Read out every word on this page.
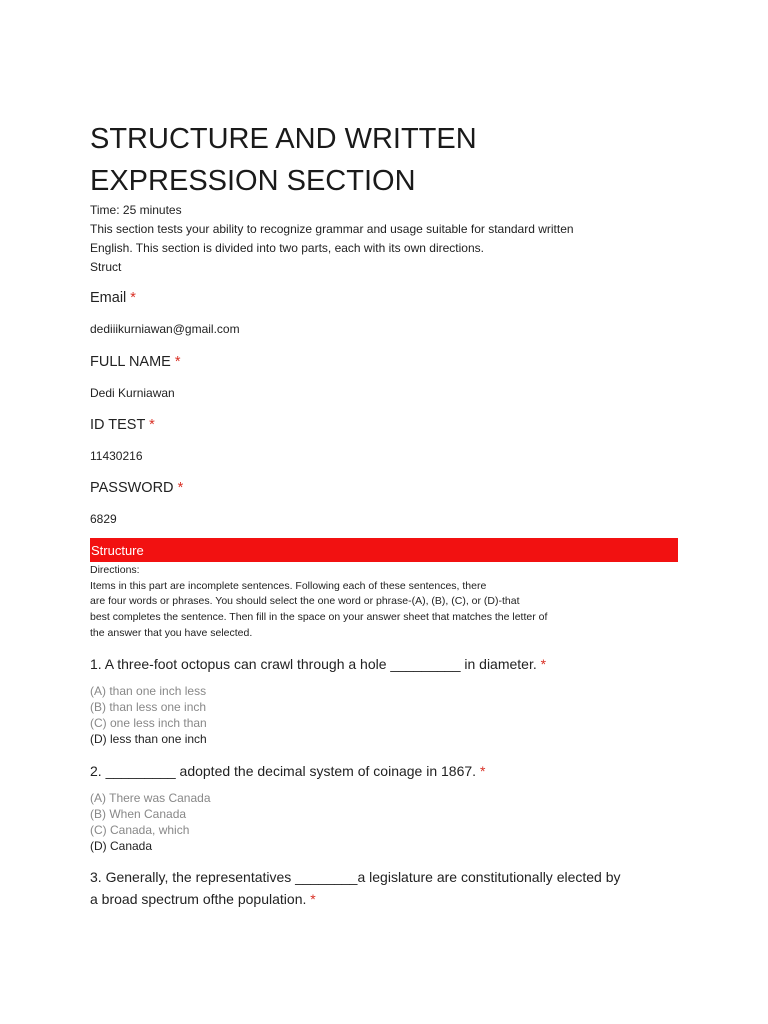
STRUCTURE AND WRITTEN
EXPRESSION SECTION
Time: 25 minutes
This section tests your ability to recognize grammar and usage suitable for standard written
English. This section is divided into two parts, each with its own directions.
Struct
Email *
dediiikurniawan@gmail.com
FULL NAME *
Dedi Kurniawan
ID TEST *
11430216
PASSWORD *
6829
Structure
Directions:
Items in this part are incomplete sentences. Following each of these sentences, there
are four words or phrases. You should select the one word or phrase-(A), (B), (C), or (D)-that
best completes the sentence. Then fill in the space on your answer sheet that matches the letter of
the answer that you have selected.
1. A three-foot octopus can crawl through a hole _________ in diameter. *
(A) than one inch less
(B) than less one inch
(C) one less inch than
(D) less than one inch
2. _________ adopted the decimal system of coinage in 1867. *
(A) There was Canada
(B) When Canada
(C) Canada, which
(D) Canada
3. Generally, the representatives ________a legislature are constitutionally elected by
a broad spectrum ofthe population. *
